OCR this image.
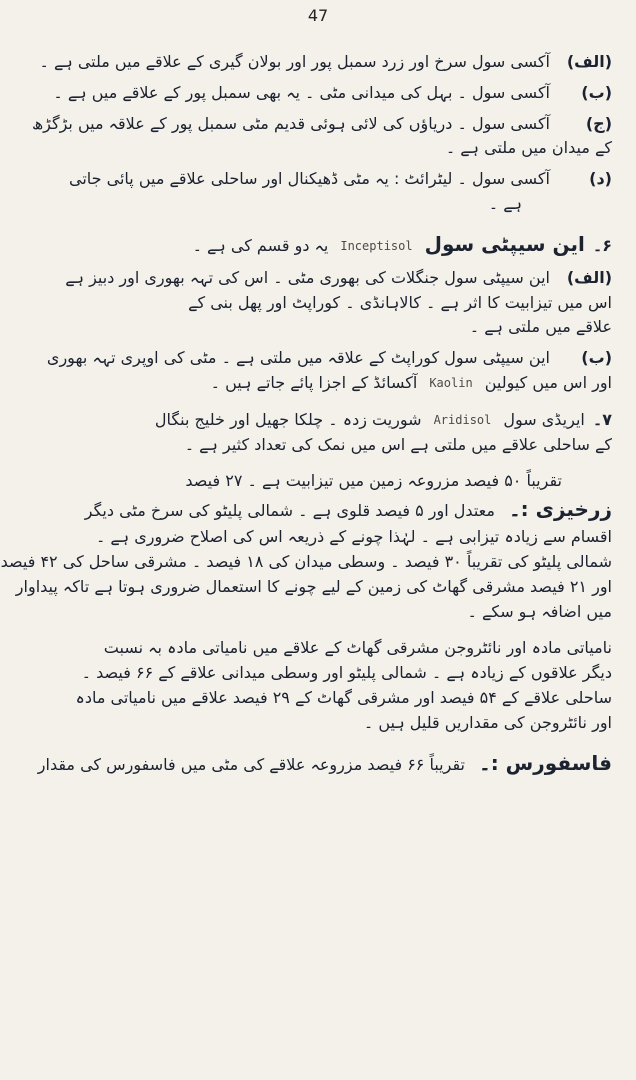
47
(الف)آکسی سول سرخ اور زرد سمبل پور اور بولان گیری کے علاقے میں ملتی ہے ۔
(ب)آکسی سول ۔ بہل کی میدانی مٹی ۔ یہ بھی سمبل پور کے علاقے میں ہے ۔
(ج)آکسی سول ۔ دریاؤں کی لائی ہوئی قدیم مٹی سمبل پور کے علاقہ میں بڑگڑھ
کے میدان میں ملتی ہے ۔
(د)آکسی سول ۔ لیٹرائٹ : یہ مٹی ڈھیکنال اور ساحلی علاقے میں پائی جاتی
ہے ۔
۶۔این سیپٹی سولInceptisolیہ دو قسم کی ہے ۔
(الف)این سیپٹی سول جنگلات کی بھوری مٹی ۔ اس کی تہہ بھوری اور دبیز ہے
اس میں تیزابیت کا اثر ہے ۔ کالاہانڈی ۔ کوراپٹ اور پھل بنی کے
علاقے میں ملتی ہے ۔
(ب)این سیپٹی سول کوراپٹ کے علاقہ میں ملتی ہے ۔ مٹی کی اوپری تہہ بھوری
اور اس میں کیولینKaolinآکسائڈ کے اجزا پائے جاتے ہیں ۔
۷۔ایریڈی سولAridisolشوریت زدہ ۔ چلکا جھیل اور خلیج بنگال
کے ساحلی علاقے میں ملتی ہے اس میں نمک کی تعداد کثیر ہے ۔
تقریباً ۵۰ فیصد مزروعہ زمین میں تیزابیت ہے ۔ ۲۷ فیصد
زرخیزی :۔معتدل اور ۵ فیصد قلوی ہے ۔ شمالی پلیٹو کی سرخ مٹی دیگر
اقسام سے زیادہ تیزابی ہے ۔ لہٰذا چونے کے ذریعہ اس کی اصلاح ضروری ہے ۔
شمالی پلیٹو کی تقریباً ۳۰ فیصد ۔ وسطی میدان کی ۱۸ فیصد ۔ مشرقی ساحل کی ۴۲ فیصد
اور ۲۱ فیصد مشرقی گھاٹ کی زمین کے لیے چونے کا استعمال ضروری ہوتا ہے تاکہ پیداوار
میں اضافہ ہو سکے ۔
نامیاتی مادہ اور نائٹروجن مشرقی گھاٹ کے علاقے میں نامیاتی مادہ بہ نسبت
دیگر علاقوں کے زیادہ ہے ۔ شمالی پلیٹو اور وسطی میدانی علاقے کے ۶۶ فیصد ۔
ساحلی علاقے کے ۵۴ فیصد اور مشرقی گھاٹ کے ۲۹ فیصد علاقے میں نامیاتی مادہ
اور نائٹروجن کی مقداریں قلیل ہیں ۔
فاسفورس :۔تقریباً ۶۶ فیصد مزروعہ علاقے کی مٹی میں فاسفورس کی مقدار
